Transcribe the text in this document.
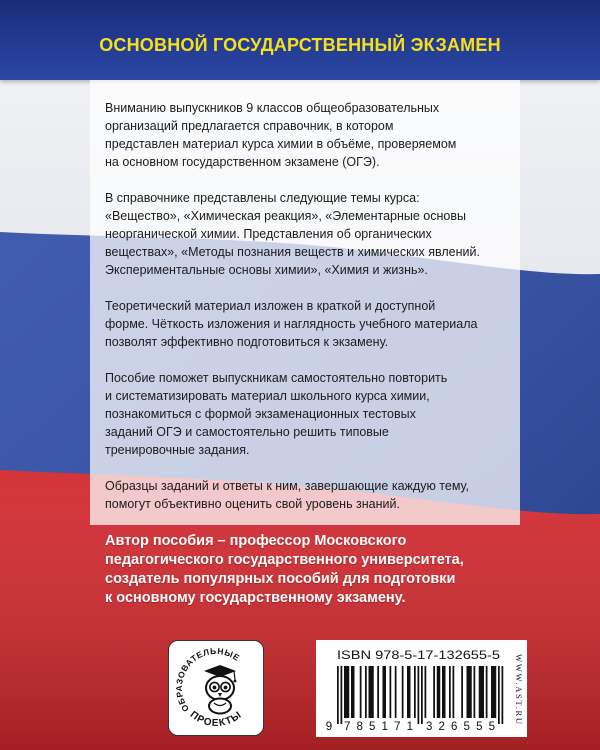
ОСНОВНОЙ ГОСУДАРСТВЕННЫЙ ЭКЗАМЕН
Вниманию выпускников 9 классов общеобразовательных
организаций предлагается справочник, в котором
представлен материал курса химии в объёме, проверяемом
на основном государственном экзамене (ОГЭ).
В справочнике представлены следующие темы курса:
«Вещество», «Химическая реакция», «Элементарные основы
неорганической химии. Представления об органических
веществах», «Методы познания веществ и химических явлений.
Экспериментальные основы химии», «Химия и жизнь».
Теоретический материал изложен в краткой и доступной
форме. Чёткость изложения и наглядность учебного материала
позволят эффективно подготовиться к экзамену.
Пособие поможет выпускникам самостоятельно повторить
и систематизировать материал школьного курса химии,
познакомиться с формой экзаменационных тестовых
заданий ОГЭ и самостоятельно решить типовые
тренировочные задания.
Образцы заданий и ответы к ним, завершающие каждую тему,
помогут объективно оценить свой уровень знаний.
Автор пособия – профессор Московского
педагогического государственного университета,
создатель популярных пособий для подготовки
к основному государственному экзамену.
ОБРАЗОВАТЕЛЬНЫЕ
ПРОЕКТЫ
ISBN 978-5-17-132655-5
9 785171 326555
WWW.AST.RU
